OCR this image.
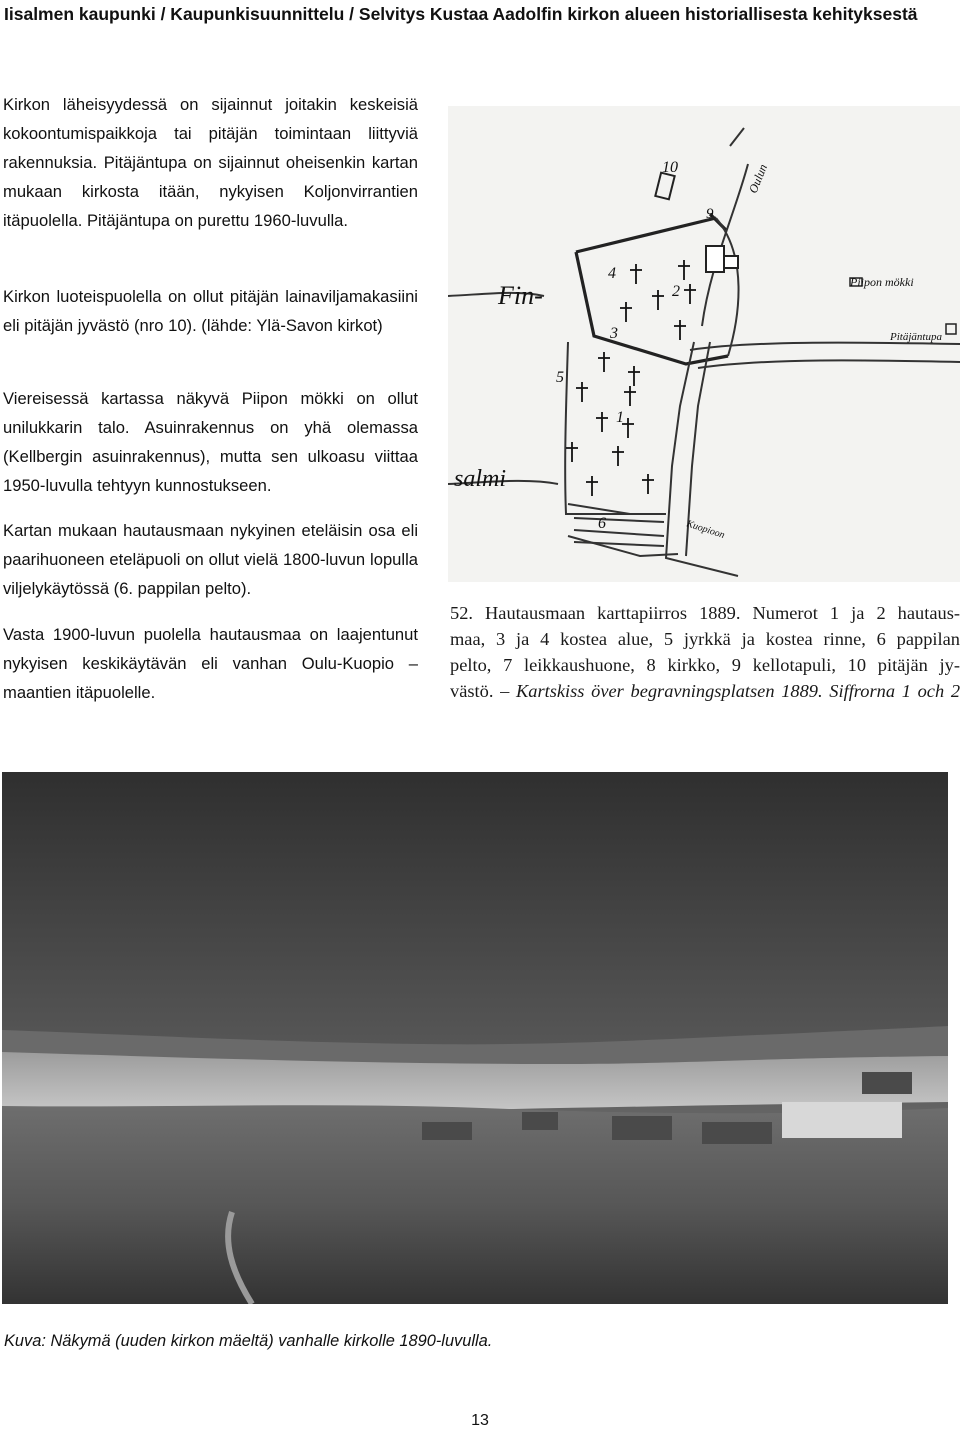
Iisalmen kaupunki / Kaupunkisuunnittelu / Selvitys Kustaa Aadolfin kirkon alueen historiallisesta kehityksestä

Kirkon läheisyydessä on sijainnut joitakin keskeisiä kokoontumispaikkoja tai pitäjän toimintaan liittyviä rakennuksia. Pitäjäntupa on sijainnut oheisenkin kartan mukaan kirkosta itään, nykyisen Koljonvirrantien itäpuolella. Pitäjäntupa on purettu 1960-luvulla.

Kirkon luoteispuolella on ollut pitäjän lainaviljamakasiini eli pitäjän jyvästö (nro 10). (lähde: Ylä-Savon kirkot)

Viereisessä kartassa näkyvä Piipon mökki on ollut unilukkarin talo. Asuinrakennus on yhä olemassa (Kellbergin asuinrakennus), mutta sen ulkoasu viittaa 1950-luvulla tehtyyn kunnostukseen.

Kartan mukaan hautausmaan nykyinen eteläisin osa eli paarihuoneen eteläpuoli on ollut vielä 1800-luvun lopulla viljelykäytössä (6. pappilan pelto).

Vasta 1900-luvun puolella hautausmaa on laajentunut nykyisen keskikäytävän eli vanhan Oulu-Kuopio –maantien itäpuolelle.

10
9
4
2
3
5
1
6
Fin-
salmi
Oulun
Piipon mökki
Pitäjäntupa
Kuopioon
52. Hautausmaan karttapiirros 1889. Numerot 1 ja 2 hautaus-
maa, 3 ja 4 kostea alue, 5 jyrkkä ja kostea rinne, 6 pappilan
pelto, 7 leikkaushuone, 8 kirkko, 9 kellotapuli, 10 pitäjän jy-
västö. – Kartskiss över begravningsplatsen 1889. Siffrorna 1 och 2
Kuva: Näkymä (uuden kirkon mäeltä) vanhalle kirkolle 1890-luvulla.
13
